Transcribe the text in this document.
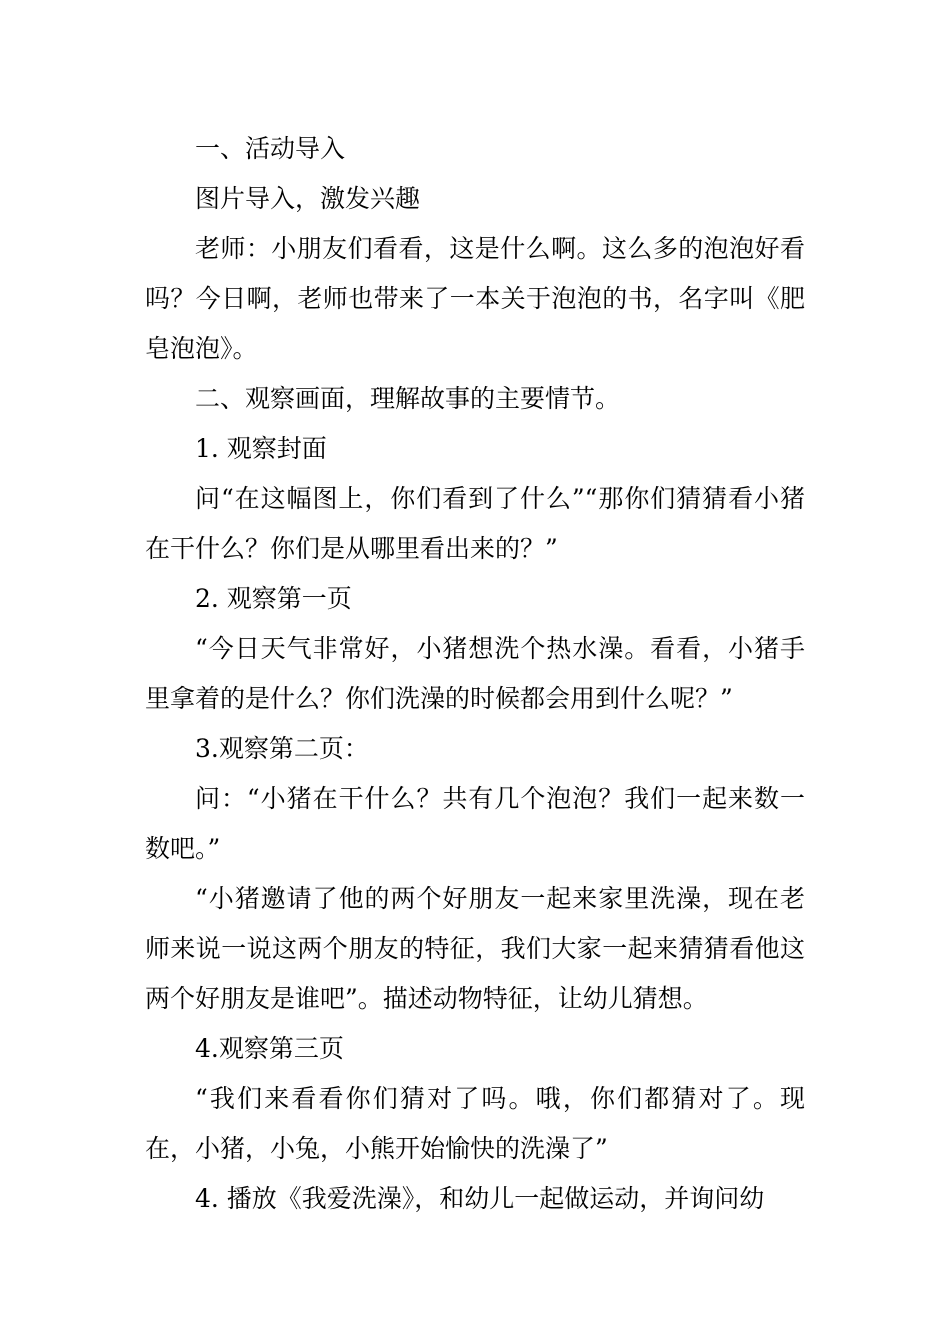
一、活动导入

图片导入，激发兴趣

老师：小朋友们看看，这是什么啊。这么多的泡泡好看吗？今日啊，老师也带来了一本关于泡泡的书，名字叫《肥皂泡泡》。

二、观察画面，理解故事的主要情节。

1. 观察封面

问“在这幅图上，你们看到了什么”“那你们猜猜看小猪在干什么？你们是从哪里看出来的？”

2. 观察第一页

“今日天气非常好，小猪想洗个热水澡。看看，小猪手里拿着的是什么？你们洗澡的时候都会用到什么呢？”

3.观察第二页：

问：“小猪在干什么？共有几个泡泡？我们一起来数一数吧。”

“小猪邀请了他的两个好朋友一起来家里洗澡，现在老师来说一说这两个朋友的特征，我们大家一起来猜猜看他这两个好朋友是谁吧”。描述动物特征，让幼儿猜想。

4.观察第三页

“我们来看看你们猜对了吗。哦，你们都猜对了。现在，小猪，小兔，小熊开始愉快的洗澡了”

4. 播放《我爱洗澡》，和幼儿一起做运动，并询问幼
